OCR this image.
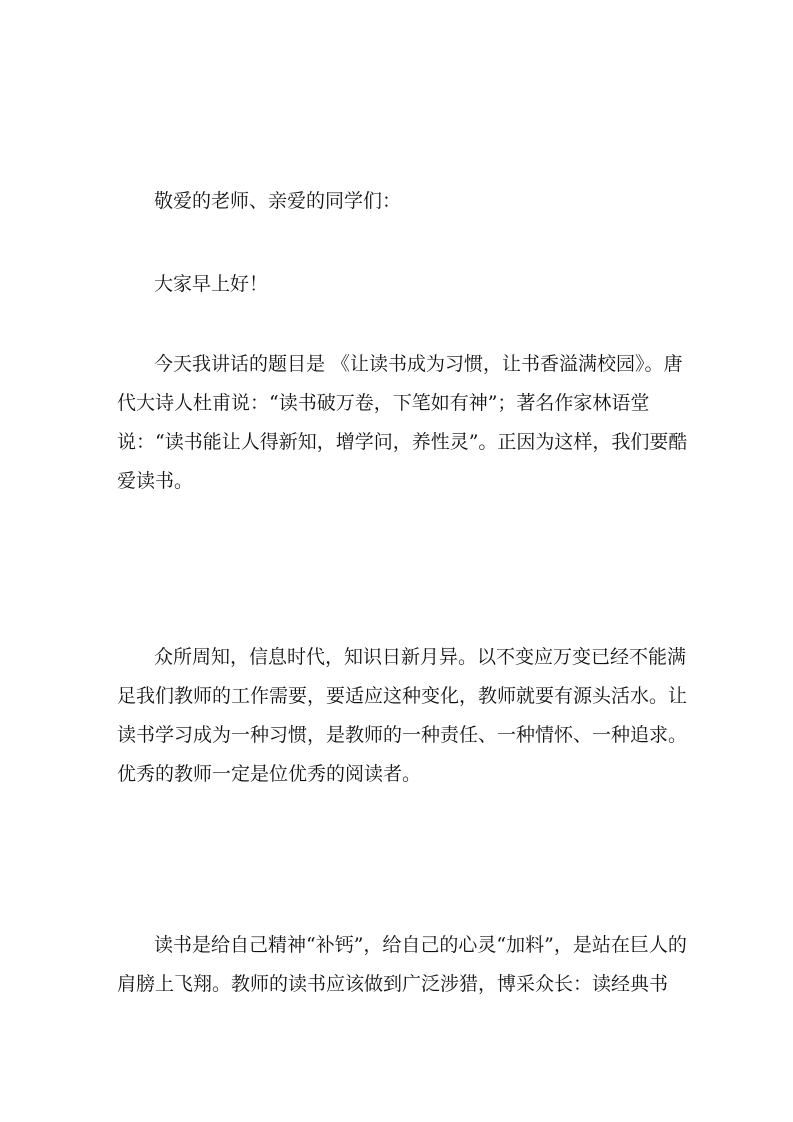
敬爱的老师、亲爱的同学们：

大家早上好！

今天我讲话的题目是 《让读书成为习惯，让书香溢满校园》。唐代大诗人杜甫说：“读书破万卷，下笔如有神”；著名作家林语堂说：“读书能让人得新知，增学问，养性灵”。正因为这样，我们要酷爱读书。

众所周知，信息时代，知识日新月异。以不变应万变已经不能满足我们教师的工作需要，要适应这种变化，教师就要有源头活水。让读书学习成为一种习惯，是教师的一种责任、一种情怀、一种追求。优秀的教师一定是位优秀的阅读者。

读书是给自己精神“补钙”，给自己的心灵“加料”，是站在巨人的肩膀上飞翔。教师的读书应该做到广泛涉猎，博采众长：读经典书
